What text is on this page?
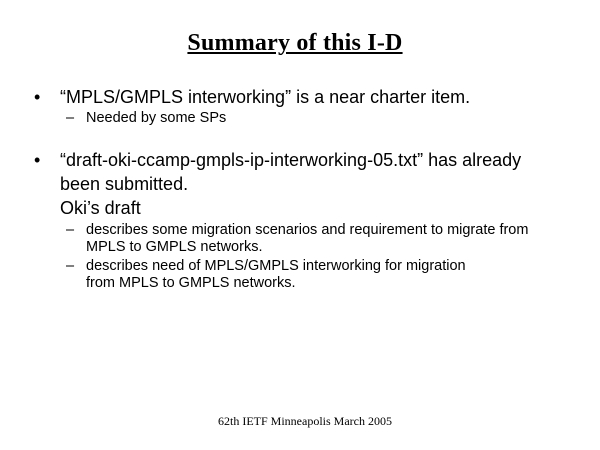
Summary of this I-D
• “MPLS/GMPLS interworking” is a near charter item.
– Needed by some SPs
• “draft-oki-ccamp-gmpls-ip-interworking-05.txt” has already
been submitted.
Oki’s draft
– describes some migration scenarios and requirement to migrate from
MPLS to GMPLS networks.
– describes need of MPLS/GMPLS interworking for migration
from MPLS to GMPLS networks.
62th IETF Minneapolis March 2005
